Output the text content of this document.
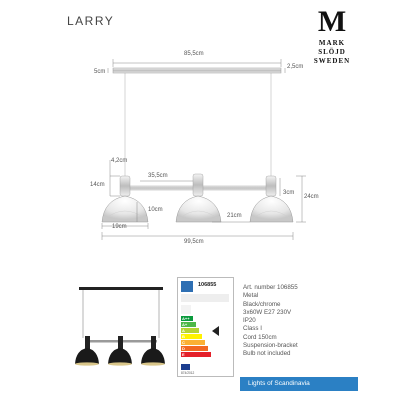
LARRY	M
MARK
SLÖJD
SWEDEN
85,5cm
5cm
2,5cm
4,2cm
14cm
35,5cm
10cm
3cm
24cm
19cm
21cm
99,5cm
106855
A++
A+
A
B
C
D
E
874/2012
Art. number 106855
Metal
Black/chrome
3x60W E27 230V
IP20
Class I
Cord 150cm
Suspension-bracket
Bulb not included
Lights of Scandinavia
